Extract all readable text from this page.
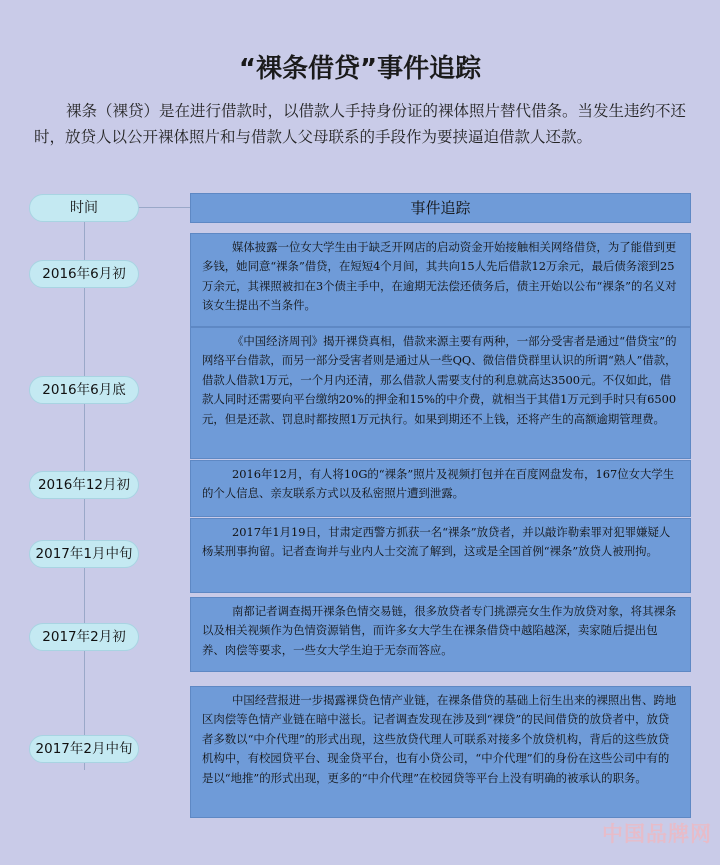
“裸条借贷”事件追踪
裸条（裸贷）是在进行借款时，以借款人手持身份证的裸体照片替代借条。当发生违约不还时，放贷人以公开裸体照片和与借款人父母联系的手段作为要挟逼迫借款人还款。
时间	事件追踪
媒体披露一位女大学生由于缺乏开网店的启动资金开始接触相关网络借贷，为了能借到更多钱，她同意“裸条”借贷，在短短4个月间，其共向15人先后借款12万余元，最后债务滚到25万余元，其裸照被扣在3个债主手中，在逾期无法偿还债务后，债主开始以公布“裸条”的名义对该女生提出不当条件。
2016年6月初
《中国经济周刊》揭开裸贷真相，借款来源主要有两种，一部分受害者是通过“借贷宝”的网络平台借款，而另一部分受害者则是通过从一些QQ、微信借贷群里认识的所谓“熟人”借款，借款人借款1万元，一个月内还清，那么借款人需要支付的利息就高达3500元。不仅如此，借款人同时还需要向平台缴纳20%的押金和15%的中介费，就相当于其借1万元到手时只有6500元，但是还款、罚息时都按照1万元执行。如果到期还不上钱，还将产生的高额逾期管理费。
2016年6月底
2016年12月，有人将10G的“裸条”照片及视频打包并在百度网盘发布，167位女大学生的个人信息、亲友联系方式以及私密照片遭到泄露。
2016年12月初
2017年1月19日，甘肃定西警方抓获一名“裸条”放贷者，并以敲诈勒索罪对犯罪嫌疑人杨某刑事拘留。记者查询并与业内人士交流了解到，这或是全国首例“裸条”放贷人被刑拘。
2017年1月中旬
南都记者调查揭开裸条色情交易链，很多放贷者专门挑漂亮女生作为放贷对象，将其裸条以及相关视频作为色情资源销售，而许多女大学生在裸条借贷中越陷越深，卖家随后提出包养、肉偿等要求，一些女大学生迫于无奈而答应。
2017年2月初
中国经营报进一步揭露裸贷色情产业链，在裸条借贷的基础上衍生出来的裸照出售、跨地区肉偿等色情产业链在暗中滋长。记者调查发现在涉及到“裸贷”的民间借贷的放贷者中，放贷者多数以“中介代理”的形式出现，这些放贷代理人可联系对接多个放贷机构，背后的这些放贷机构中，有校园贷平台、现金贷平台，也有小贷公司，“中介代理”们的身份在这些公司中有的是以“地推”的形式出现，更多的“中介代理”在校园贷等平台上没有明确的被承认的职务。
2017年2月中旬
中国品牌网
